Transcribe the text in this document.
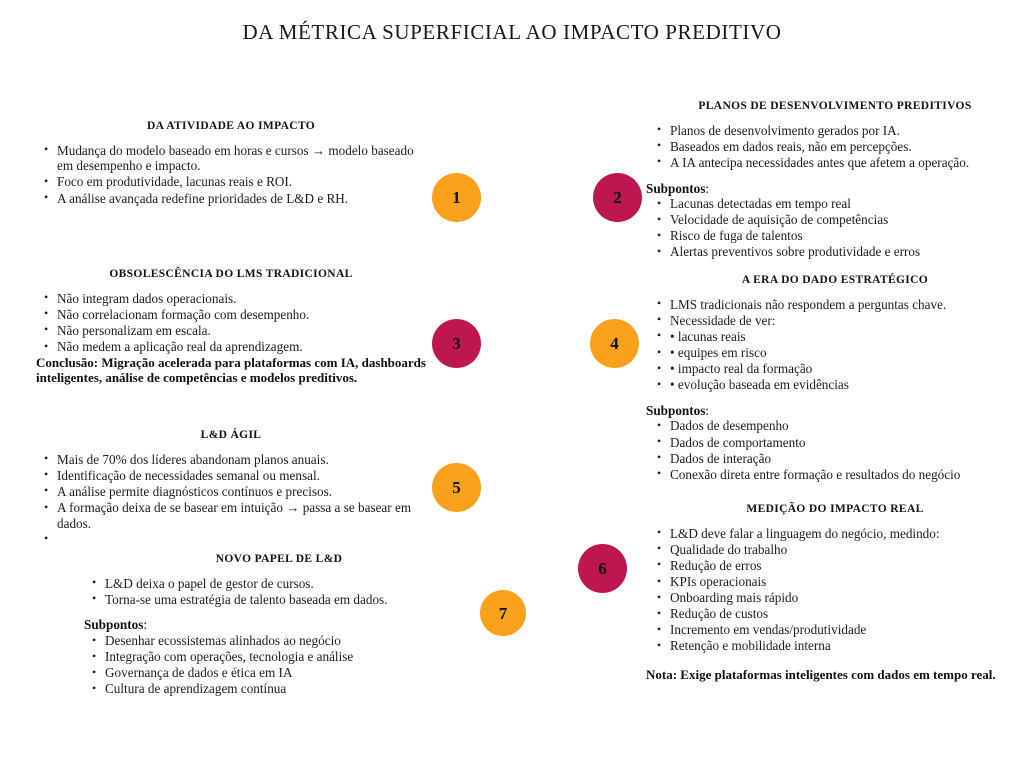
DA MÉTRICA SUPERFICIAL AO IMPACTO PREDITIVO
DA ATIVIDADE AO IMPACTO
• Mudança do modelo baseado em horas e cursos → modelo baseado em desempenho e impacto.
• Foco em produtividade, lacunas reais e ROI.
• A análise avançada redefine prioridades de L&D e RH.
PLANOS DE DESENVOLVIMENTO PREDITIVOS
• Planos de desenvolvimento gerados por IA.
• Baseados em dados reais, não em percepções.
• A IA antecipa necessidades antes que afetem a operação.

Subpontos:

• Lacunas detectadas em tempo real
• Velocidade de aquisição de competências
• Risco de fuga de talentos
• Alertas preventivos sobre produtividade e erros
OBSOLESCÊNCIA DO LMS TRADICIONAL
• Não integram dados operacionais.
• Não correlacionam formação com desempenho.
• Não personalizam em escala.
• Não medem a aplicação real da aprendizagem.

Conclusão: Migração acelerada para plataformas com IA, dashboards inteligentes, análise de competências e modelos preditivos.

A ERA DO DADO ESTRATÉGICO
• LMS tradicionais não respondem a perguntas chave.
• Necessidade de ver:
• • lacunas reais
• • equipes em risco
• • impacto real da formação
• • evolução baseada em evidências

Subpontos:

• Dados de desempenho
• Dados de comportamento
• Dados de interação
• Conexão direta entre formação e resultados do negócio
L&D ÁGIL
• Mais de 70% dos líderes abandonam planos anuais.
• Identificação de necessidades semanal ou mensal.
• A análise permite diagnósticos contínuos e precisos.
• A formação deixa de se basear em intuição → passa a se basear em dados.
•
MEDIÇÃO DO IMPACTO REAL
• L&D deve falar a linguagem do negócio, medindo:
• Qualidade do trabalho
• Redução de erros
• KPIs operacionais
• Onboarding mais rápido
• Redução de custos
• Incremento em vendas/produtividade
• Retenção e mobilidade interna

Nota: Exige plataformas inteligentes com dados em tempo real.

NOVO PAPEL DE L&D
• L&D deixa o papel de gestor de cursos.
• Torna-se uma estratégia de talento baseada em dados.

Subpontos:

• Desenhar ecossistemas alinhados ao negócio
• Integração com operações, tecnologia e análise
• Governança de dados e ética em IA
• Cultura de aprendizagem contínua
1	2
3	4
5
6
7
